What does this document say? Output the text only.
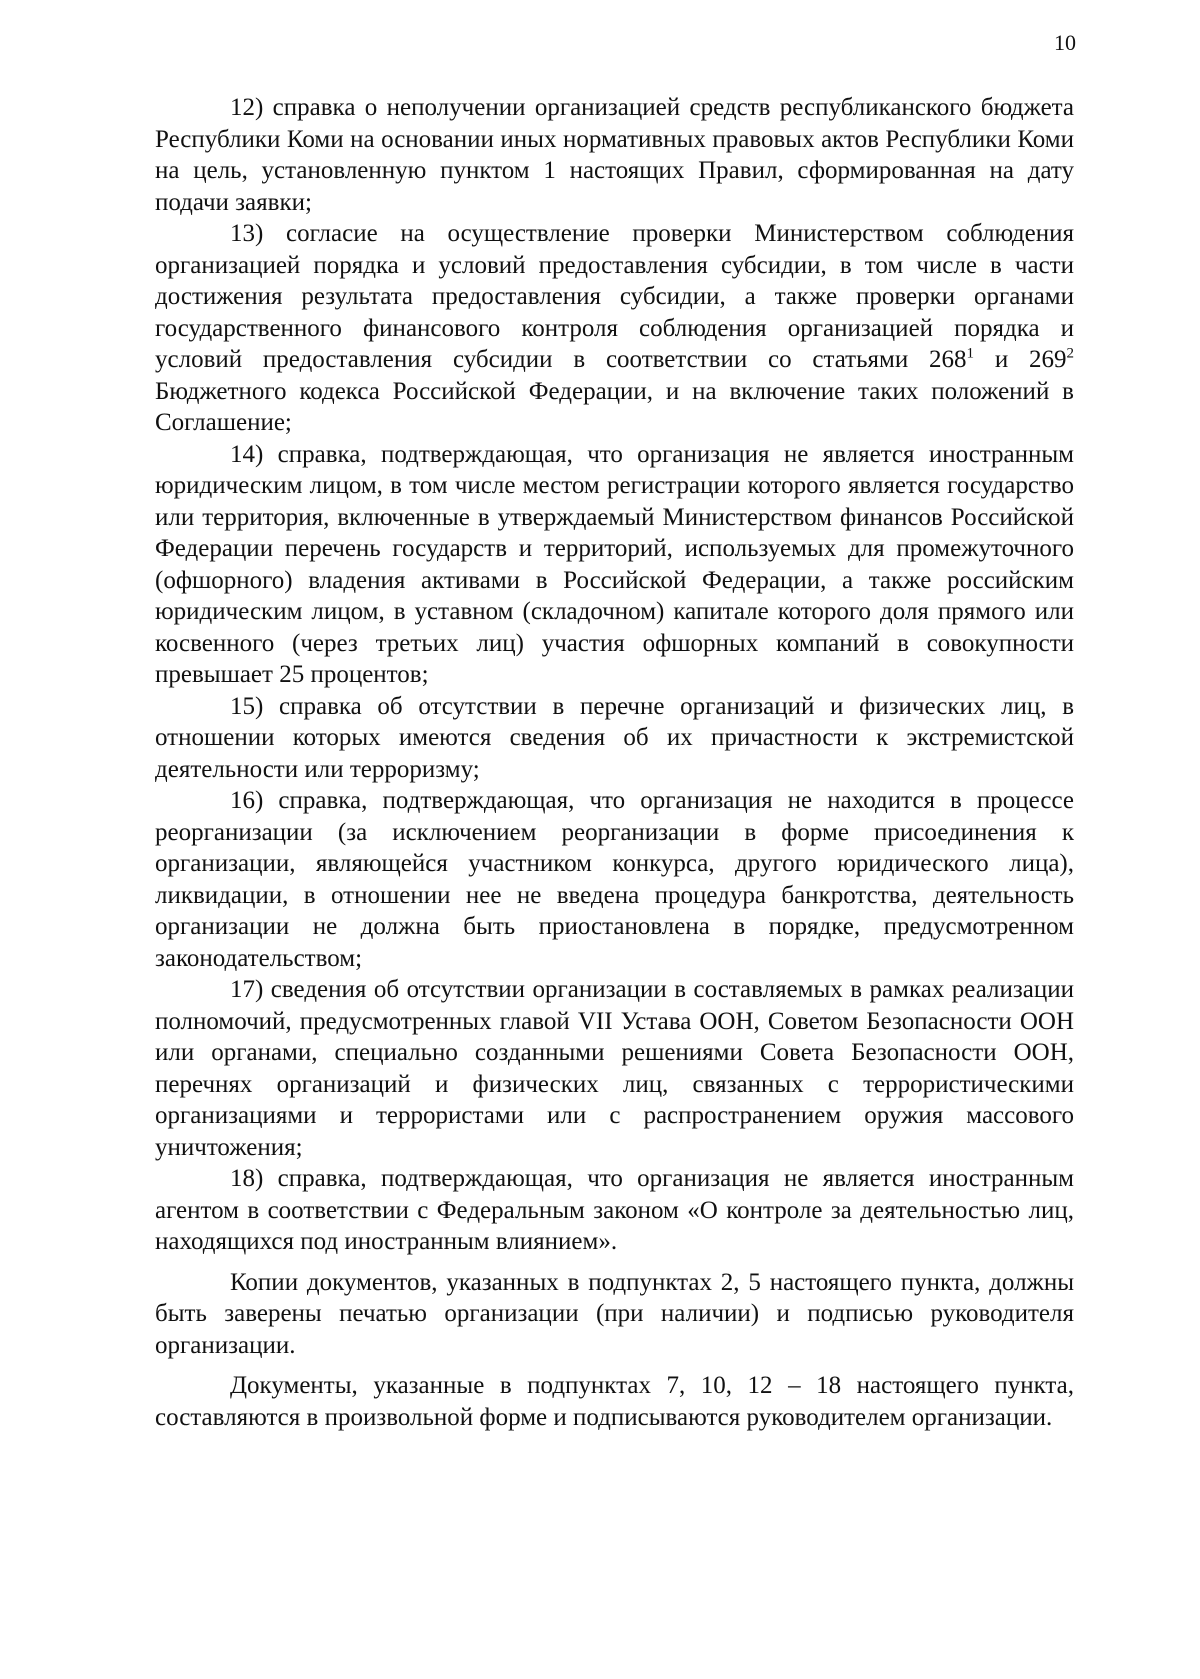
10

12) справка о неполучении организацией средств республиканского бюджета Республики Коми на основании иных нормативных правовых актов Республики Коми на цель, установленную пунктом 1 настоящих Правил, сформированная на дату подачи заявки;

13) согласие на осуществление проверки Министерством соблюдения организацией порядка и условий предоставления субсидии, в том числе в части достижения результата предоставления субсидии, а также проверки органами государственного финансового контроля соблюдения организацией порядка и условий предоставления субсидии в соответствии со статьями $268^1$ и $269^2$ Бюджетного кодекса Российской Федерации, и на включение таких положений в Соглашение;

14) справка, подтверждающая, что организация не является иностранным юридическим лицом, в том числе местом регистрации которого является государство или территория, включенные в утверждаемый Министерством финансов Российской Федерации перечень государств и территорий, используемых для промежуточного (офшорного) владения активами в Российской Федерации, а также российским юридическим лицом, в уставном (складочном) капитале которого доля прямого или косвенного (через третьих лиц) участия офшорных компаний в совокупности превышает 25 процентов;

15) справка об отсутствии в перечне организаций и физических лиц, в отношении которых имеются сведения об их причастности к экстремистской деятельности или терроризму;

16) справка, подтверждающая, что организация не находится в процессе реорганизации (за исключением реорганизации в форме присоединения к организации, являющейся участником конкурса, другого юридического лица), ликвидации, в отношении нее не введена процедура банкротства, деятельность организации не должна быть приостановлена в порядке, предусмотренном законодательством;

17) сведения об отсутствии организации в составляемых в рамках реализации полномочий, предусмотренных главой VII Устава ООН, Советом Безопасности ООН или органами, специально созданными решениями Совета Безопасности ООН, перечнях организаций и физических лиц, связанных с террористическими организациями и террористами или с распространением оружия массового уничтожения;

18) справка, подтверждающая, что организация не является иностранным агентом в соответствии с Федеральным законом «О контроле за деятельностью лиц, находящихся под иностранным влиянием».

Копии документов, указанных в подпунктах 2, 5 настоящего пункта, должны быть заверены печатью организации (при наличии) и подписью руководителя организации.

Документы, указанные в подпунктах 7, 10, 12 – 18 настоящего пункта, составляются в произвольной форме и подписываются руководителем организации.
